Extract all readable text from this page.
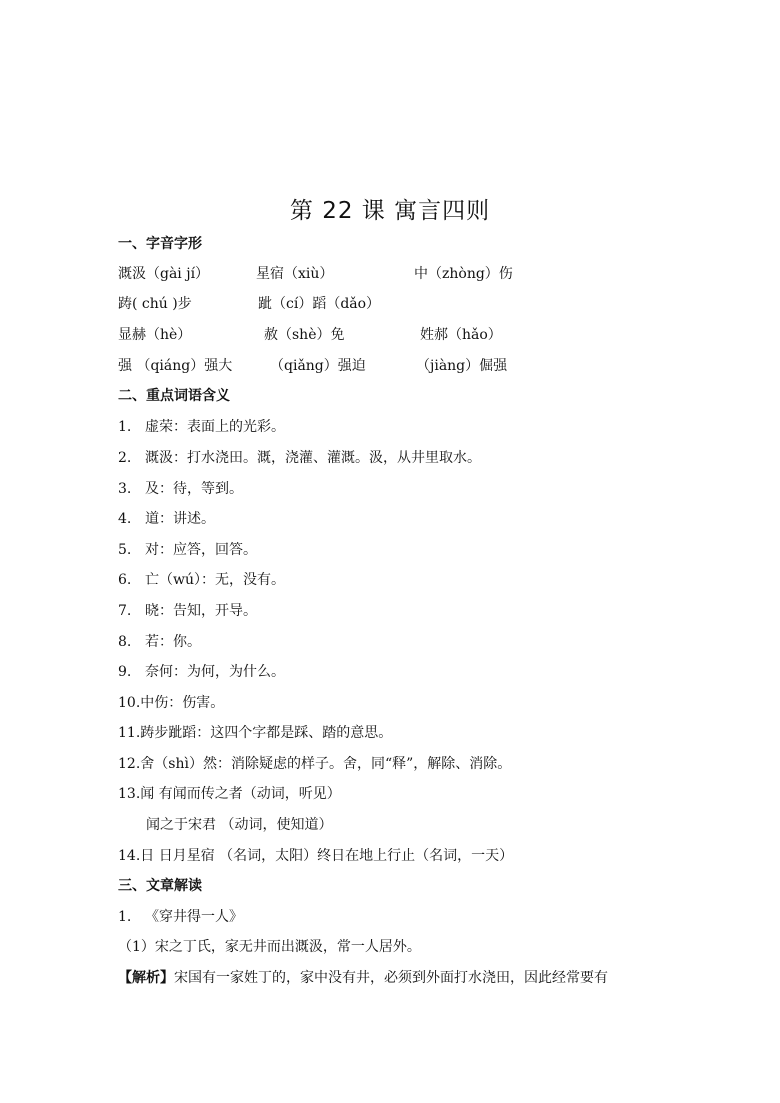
第 22 课 寓言四则
一、字音字形
溉汲（gài jí）	星宿（xiù）	中（zhòng）伤
踌( chú )步	跐（cí）蹈（dǎo）
显赫（hè）	赦（shè）免	姓郝（hǎo）
强 （qiáng）强大	（qiǎng）强迫	（jiàng）倔强
二、重点词语含义
1. 虚荣：表面上的光彩。
2. 溉汲：打水浇田。溉，浇灌、灌溉。汲，从井里取水。
3. 及：待，等到。
4. 道：讲述。
5. 对：应答，回答。
6. 亡（wú）：无，没有。
7. 晓：告知，开导。
8. 若：你。
9. 奈何：为何，为什么。
10.中伤：伤害。
11.踌步跐蹈：这四个字都是踩、踏的意思。
12.舍（shì）然：消除疑虑的样子。舍，同“释”，解除、消除。
13.闻 有闻而传之者（动词，听见）
闻之于宋君 （动词，使知道）
14.日 日月星宿 （名词，太阳）终日在地上行止（名词，一天）
三、文章解读
1. 《穿井得一人》
（1）宋之丁氏，家无井而出溉汲，常一人居外。
【解析】宋国有一家姓丁的，家中没有井，必须到外面打水浇田，因此经常要有
